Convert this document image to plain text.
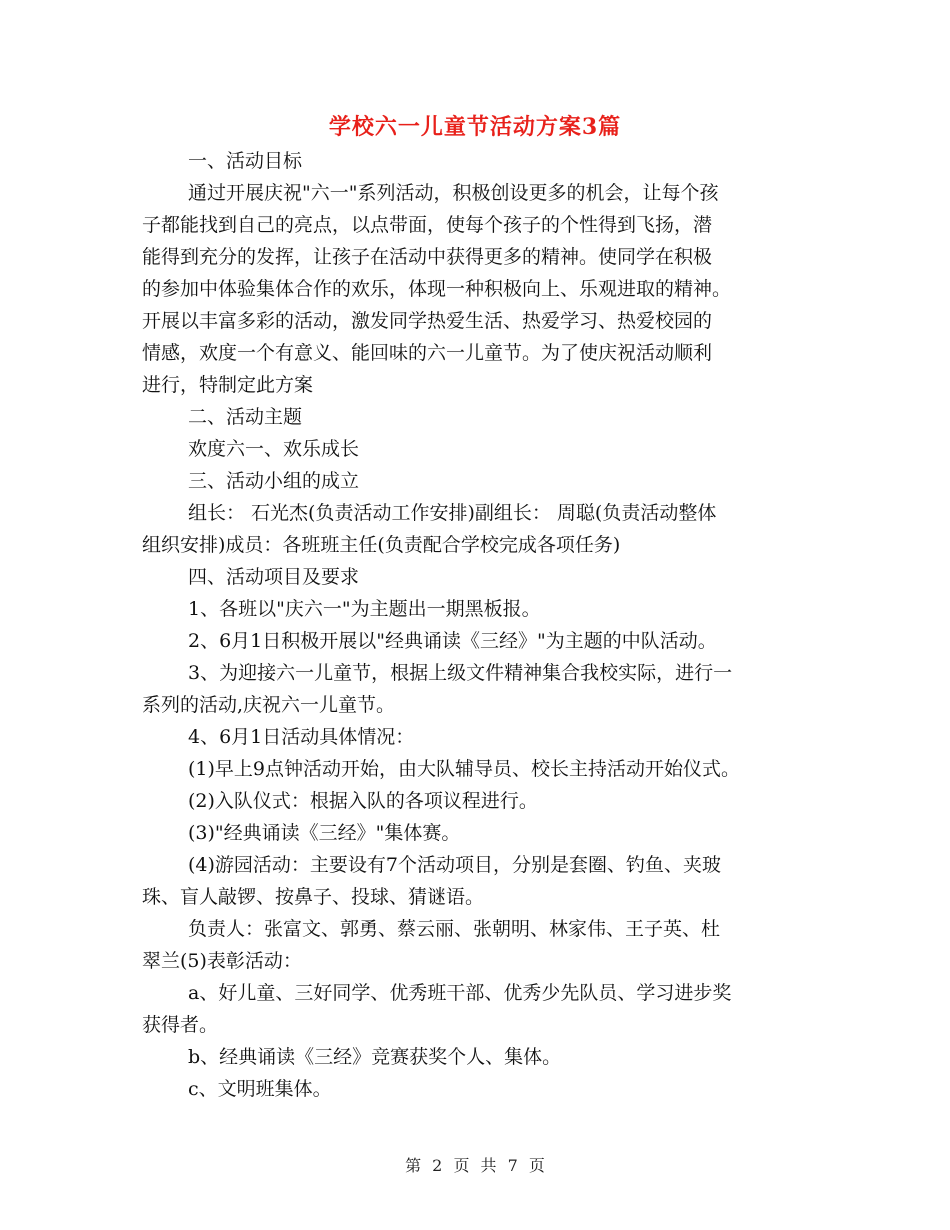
学校六一儿童节活动方案3篇

一、活动目标

通过开展庆祝"六一"系列活动，积极创设更多的机会，让每个孩

子都能找到自己的亮点，以点带面，使每个孩子的个性得到飞扬，潜

能得到充分的发挥，让孩子在活动中获得更多的精神。使同学在积极

的参加中体验集体合作的欢乐，体现一种积极向上、乐观进取的精神。

开展以丰富多彩的活动，激发同学热爱生活、热爱学习、热爱校园的

情感，欢度一个有意义、能回味的六一儿童节。为了使庆祝活动顺利

进行，特制定此方案

二、活动主题

欢度六一、欢乐成长

三、活动小组的成立

组长： 石光杰(负责活动工作安排)副组长： 周聪(负责活动整体

组织安排)成员：各班班主任(负责配合学校完成各项任务)

四、活动项目及要求

1、各班以"庆六一"为主题出一期黑板报。

2、6月1日积极开展以"经典诵读《三经》"为主题的中队活动。

3、为迎接六一儿童节，根据上级文件精神集合我校实际，进行一

系列的活动,庆祝六一儿童节。

4、6月1日活动具体情况：

(1)早上9点钟活动开始，由大队辅导员、校长主持活动开始仪式。

(2)入队仪式：根据入队的各项议程进行。

(3)"经典诵读《三经》"集体赛。

(4)游园活动：主要设有7个活动项目，分别是套圈、钓鱼、夹玻

珠、盲人敲锣、按鼻子、投球、猜谜语。

负责人：张富文、郭勇、蔡云丽、张朝明、林家伟、王子英、杜

翠兰(5)表彰活动：

a、好儿童、三好同学、优秀班干部、优秀少先队员、学习进步奖

获得者。

b、经典诵读《三经》竞赛获奖个人、集体。

c、文明班集体。

第 2 页 共 7 页
